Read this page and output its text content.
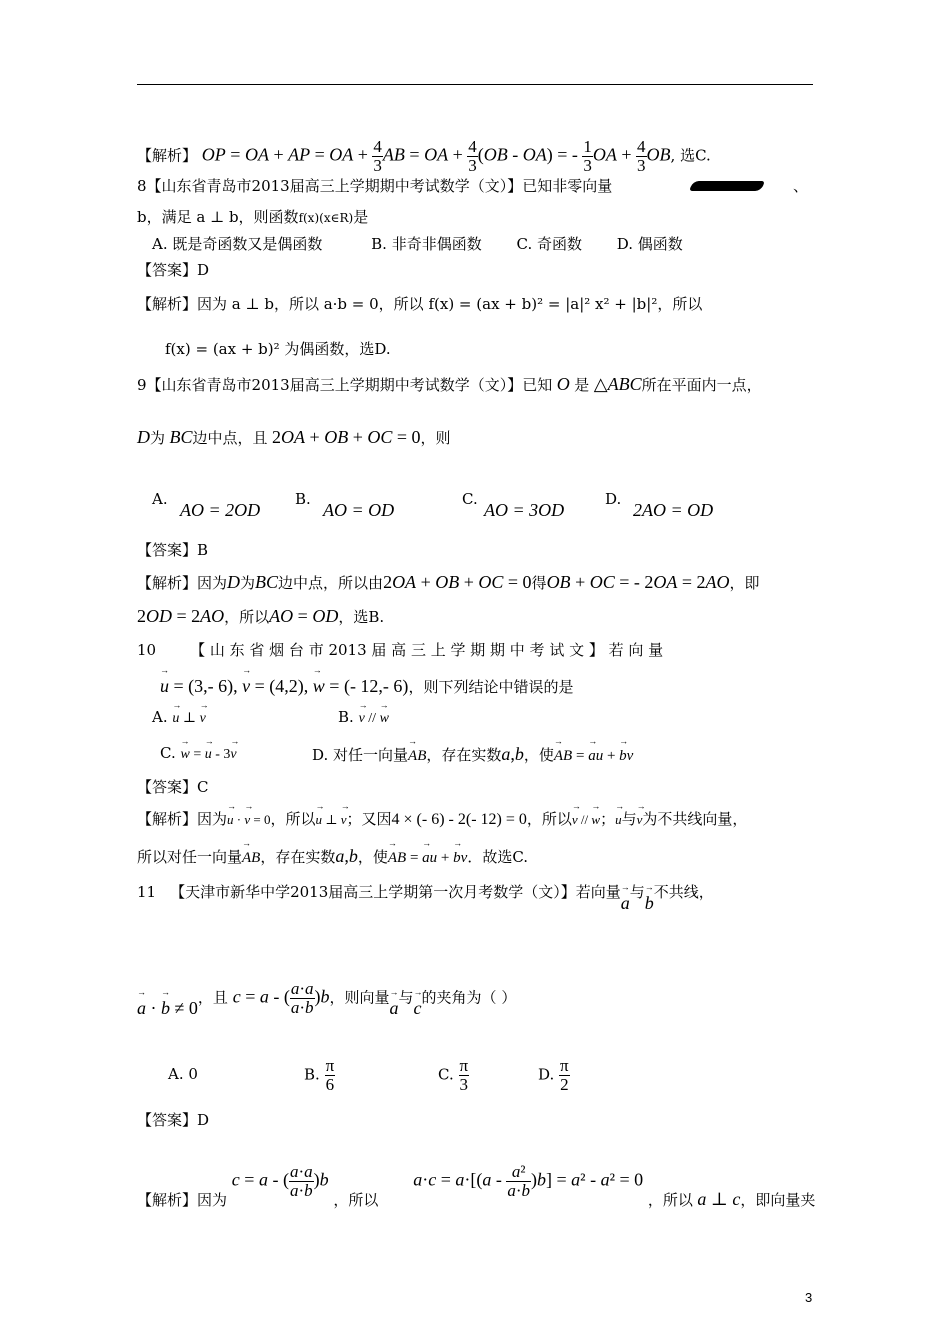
【解析】 OP = OA + AP = OA + $\frac{4}{3}$ AB = OA + $\frac{4}{3} (OB - OA)$ = - $\frac{1}{3}$ OA + $\frac{4}{3}$ OB, 选C.
8【山东省青岛市2013届高三上学期期中考试数学（文）】已知非零向量	、
b，满足 a ⊥ b，则函数f(x)(x∈R)是
A. 既是奇函数又是偶函数	B. 非奇非偶函数 C. 奇函数 D. 偶函数
【答案】D
【解析】因为 a ⊥ b，所以 a·b = 0，所以 f(x) = (ax + b)² = |a|² x² + |b|²，所以
f(x) = (ax + b)² 为偶函数，选D.
9【山东省青岛市2013届高三上学期期中考试数学（文）】已知 O 是 △ABC所在平面内一点，
D为 BC边中点，且 2OA + OB + OC = 0，则
A.
AO = 2OD
B.
AO = OD
C.
AO = 3OD
D.
2AO = OD
【答案】B
【解析】因为D为BC边中点，所以由2OA + OB + OC = 0得OB + OC = - 2OA = 2AO，即
2OD = 2AO，所以AO = OD，选B.
10 【 山 东 省 烟 台 市 2013 届 高 三 上 学 期 期 中 考 试 文 】 若 向 量
→ u = (3,- 6), → v = (4,2), → w = (- 12,- 6)，则下列结论中错误的是
A. → u ⊥ → v	B. → v // → w
C. → w = → u - 3→ v	D. 对任一向量→ AB，存在实数a,b，使→ AB = → au + → bv
【答案】C
【解析】因为→ u · → v = 0，所以→ u ⊥ → v；又因4 × (- 6) - 2(- 12) = 0，所以→ v // → w；→ u与→ v为不共线向量，
所以对任一向量→ AB，存在实数a,b，使→ AB = → au + → bv．故选C.
11 【天津市新华中学2013届高三上学期第一次月考数学（文）】若向量→ a与→ b不共线，
→ a · → b ≠ 0，且 c = a - ( $\frac{a\cdot a}{a\cdot b} )b$，则向量→ a与→ c的夹角为（ ）
A. 0	B. $\frac{\pi}{6}$	C. $\frac{\pi}{3}$	D. $\frac{\pi}{2}$
【答案】D
【解析】因为 c = a - ( $\frac{a\cdot a}{a\cdot b} )b$ ，所以 $a\cdot c = a\cdot[(a - \frac{\text{a²}}{a\cdot b} )b] = a^2 - a^2 = 0$ ，所以 a ⊥ c，即向量夹
3
